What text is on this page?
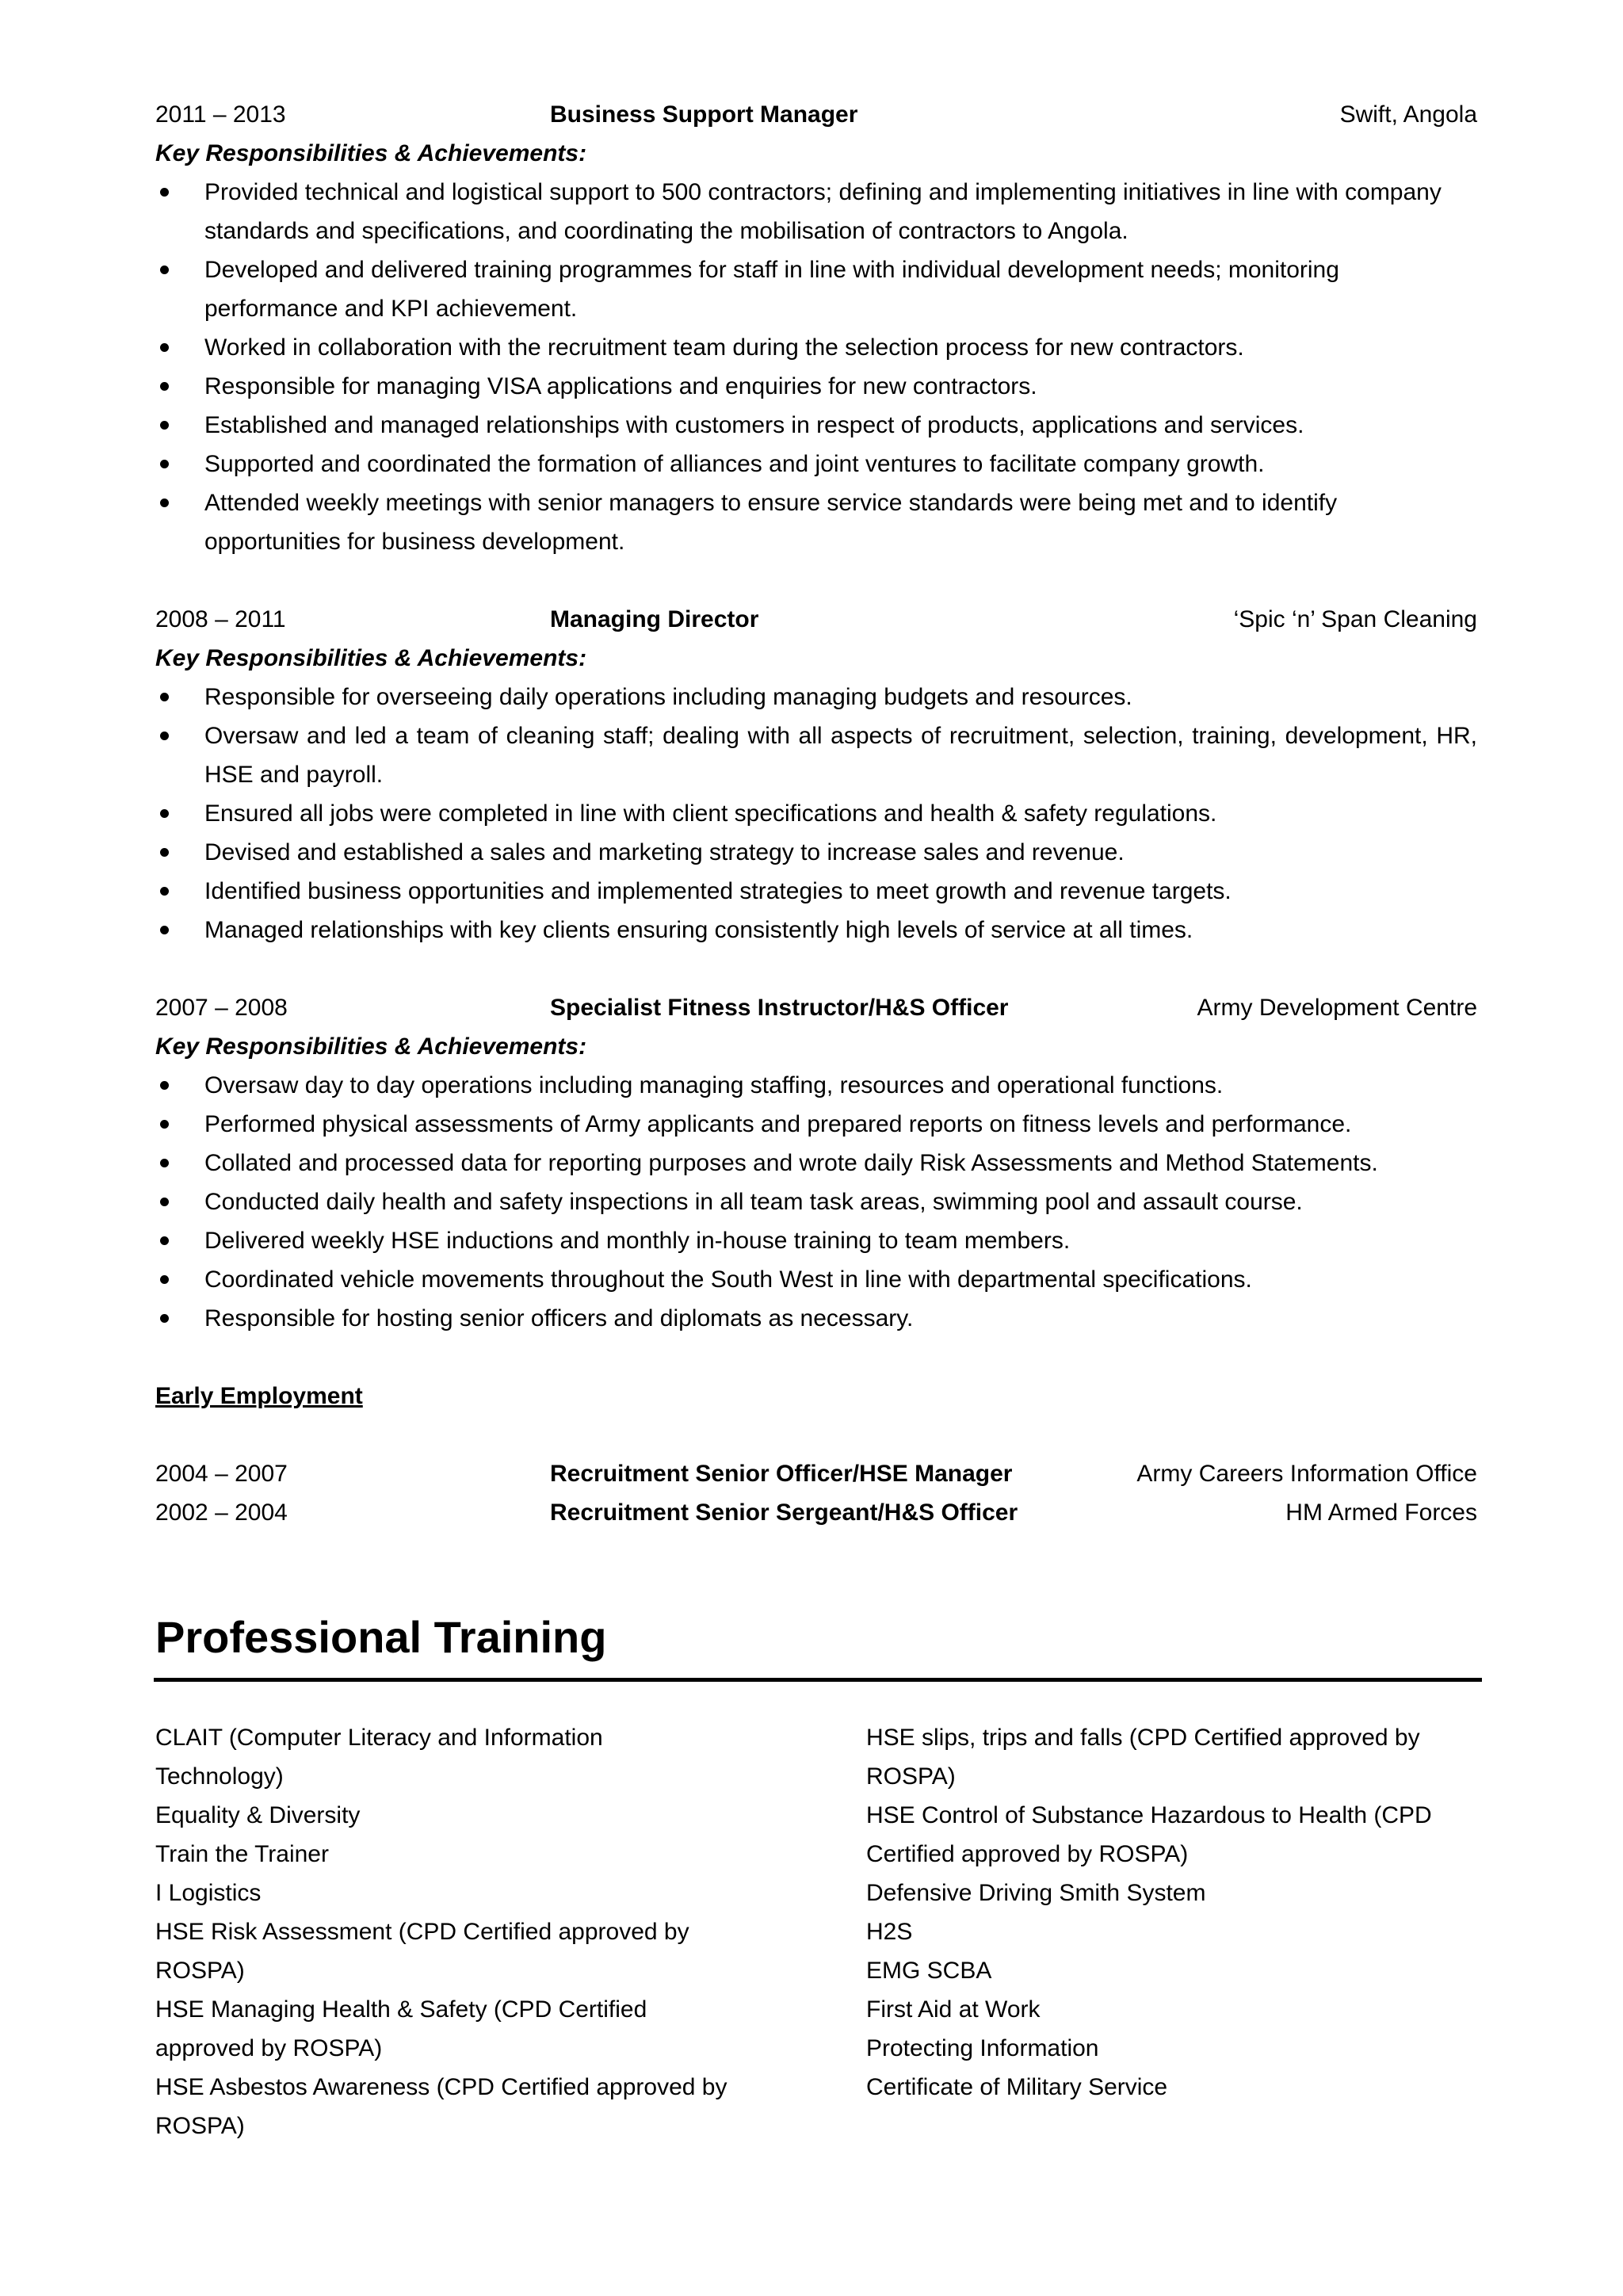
2011 – 2013	Business Support Manager	Swift, Angola
Key Responsibilities & Achievements:
Provided technical and logistical support to 500 contractors; defining and implementing initiatives in line with company standards and specifications, and coordinating the mobilisation of contractors to Angola.
Developed and delivered training programmes for staff in line with individual development needs; monitoring performance and KPI achievement.
Worked in collaboration with the recruitment team during the selection process for new contractors.
Responsible for managing VISA applications and enquiries for new contractors.
Established and managed relationships with customers in respect of products, applications and services.
Supported and coordinated the formation of alliances and joint ventures to facilitate company growth.
Attended weekly meetings with senior managers to ensure service standards were being met and to identify opportunities for business development.
2008 – 2011	Managing Director	‘Spic ‘n’ Span Cleaning
Key Responsibilities & Achievements:
Responsible for overseeing daily operations including managing budgets and resources.
Oversaw and led a team of cleaning staff; dealing with all aspects of recruitment, selection, training, development, HR, HSE and payroll.
Ensured all jobs were completed in line with client specifications and health & safety regulations.
Devised and established a sales and marketing strategy to increase sales and revenue.
Identified business opportunities and implemented strategies to meet growth and revenue targets.
Managed relationships with key clients ensuring consistently high levels of service at all times.
2007 – 2008	Specialist Fitness Instructor/H&S Officer	Army Development Centre
Key Responsibilities & Achievements:
Oversaw day to day operations including managing staffing, resources and operational functions.
Performed physical assessments of Army applicants and prepared reports on fitness levels and performance.
Collated and processed data for reporting purposes and wrote daily Risk Assessments and Method Statements.
Conducted daily health and safety inspections in all team task areas, swimming pool and assault course.
Delivered weekly HSE inductions and monthly in-house training to team members.
Coordinated vehicle movements throughout the South West in line with departmental specifications.
Responsible for hosting senior officers and diplomats as necessary.
Early Employment
2004 – 2007	Recruitment Senior Officer/HSE Manager	Army Careers Information Office
2002 – 2004	Recruitment Senior Sergeant/H&S Officer	HM Armed Forces
Professional Training
CLAIT (Computer Literacy and Information Technology)
Equality & Diversity
Train the Trainer
I Logistics
HSE Risk Assessment (CPD Certified approved by ROSPA)
HSE Managing Health & Safety (CPD Certified approved by ROSPA)
HSE Asbestos Awareness (CPD Certified approved by ROSPA)
HSE slips, trips and falls (CPD Certified approved by ROSPA)
HSE Control of Substance Hazardous to Health (CPD Certified approved by ROSPA)
Defensive Driving Smith System
H2S
EMG SCBA
First Aid at Work
Protecting Information
Certificate of Military Service
